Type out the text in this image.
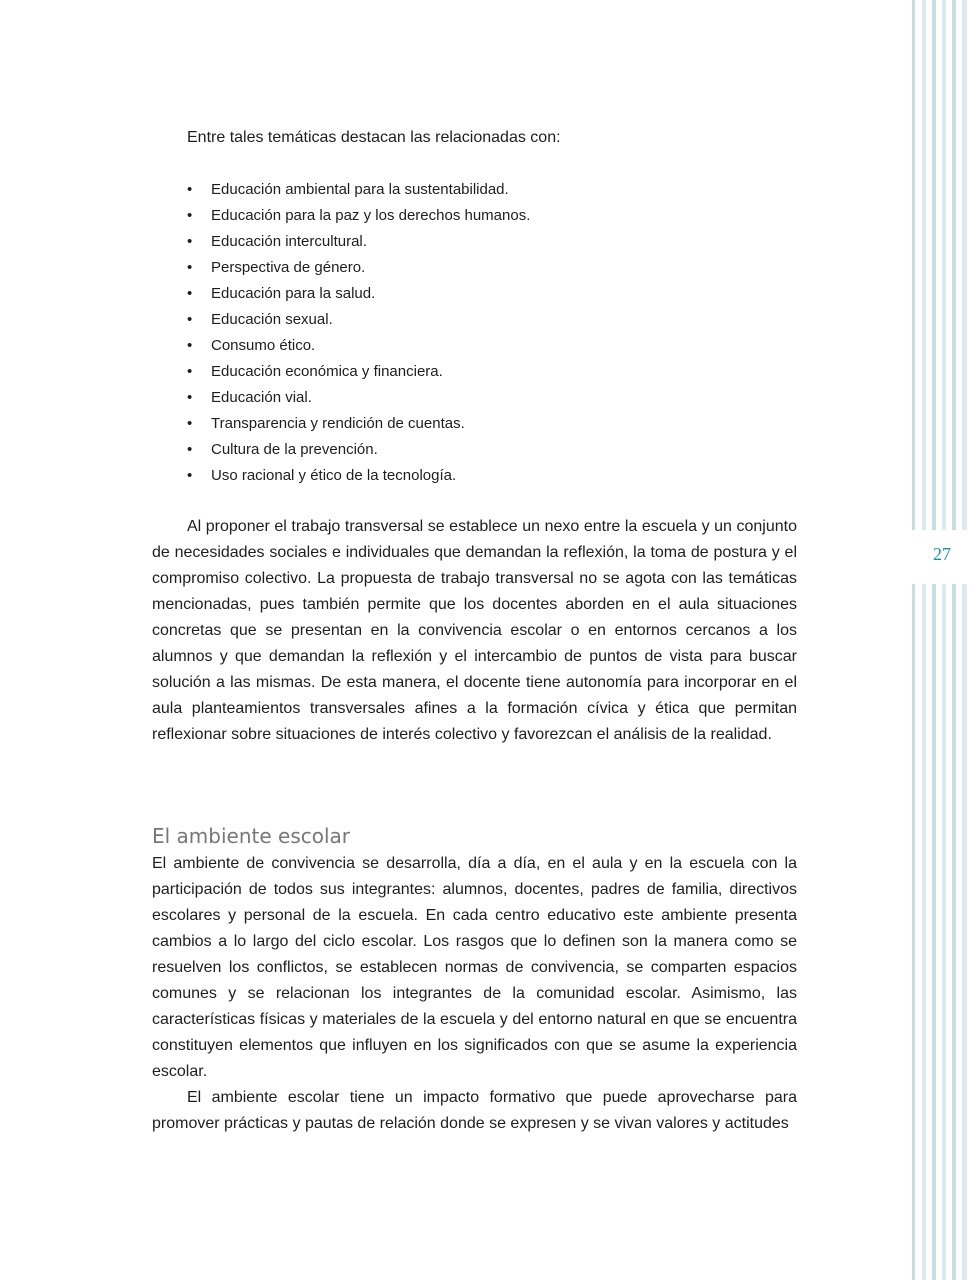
Entre tales temáticas destacan las relacionadas con:

• Educación ambiental para la sustentabilidad.
• Educación para la paz y los derechos humanos.
• Educación intercultural.
• Perspectiva de género.
• Educación para la salud.
• Educación sexual.
• Consumo ético.
• Educación económica y financiera.
• Educación vial.
• Transparencia y rendición de cuentas.
• Cultura de la prevención.
• Uso racional y ético de la tecnología.

Al proponer el trabajo transversal se establece un nexo entre la escuela y un conjunto de necesidades sociales e individuales que demandan la reflexión, la toma de postura y el compromiso colectivo. La propuesta de trabajo transversal no se agota con las temáticas mencionadas, pues también permite que los docentes aborden en el aula situaciones concretas que se presentan en la convivencia escolar o en entornos cercanos a los alumnos y que demandan la reflexión y el intercambio de puntos de vista para buscar solución a las mismas. De esta manera, el docente tiene autonomía para incorporar en el aula planteamientos transversales afines a la formación cívica y ética que permitan reflexionar sobre situaciones de interés colectivo y favorezcan el análisis de la realidad.

El ambiente escolar

El ambiente de convivencia se desarrolla, día a día, en el aula y en la escuela con la participación de todos sus integrantes: alumnos, docentes, padres de familia, directivos escolares y personal de la escuela. En cada centro educativo este ambiente presenta cambios a lo largo del ciclo escolar. Los rasgos que lo definen son la manera como se resuelven los conflictos, se establecen normas de convivencia, se comparten espacios comunes y se relacionan los integrantes de la comunidad escolar. Asimismo, las características físicas y materiales de la escuela y del entorno natural en que se encuentra constituyen elementos que influyen en los significados con que se asume la experiencia escolar.

El ambiente escolar tiene un impacto formativo que puede aprovecharse para promover prácticas y pautas de relación donde se expresen y se vivan valores y actitudes

27
